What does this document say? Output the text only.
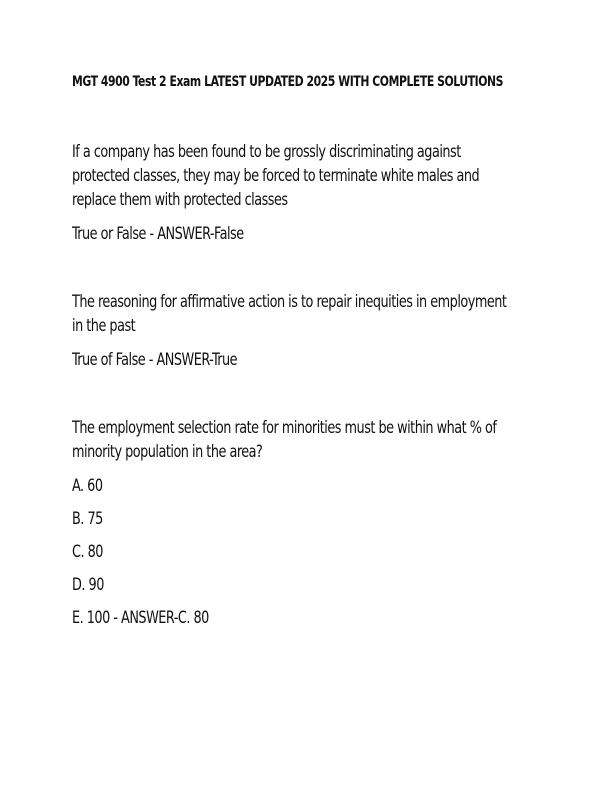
MGT 4900 Test 2 Exam LATEST UPDATED 2025 WITH COMPLETE SOLUTIONS
If a company has been found to be grossly discriminating against
protected classes, they may be forced to terminate white males and
replace them with protected classes
True or False - ANSWER-False
The reasoning for affirmative action is to repair inequities in employment
in the past
True of False - ANSWER-True
The employment selection rate for minorities must be within what % of
minority population in the area?
A. 60
B. 75
C. 80
D. 90
E. 100 - ANSWER-C. 80
